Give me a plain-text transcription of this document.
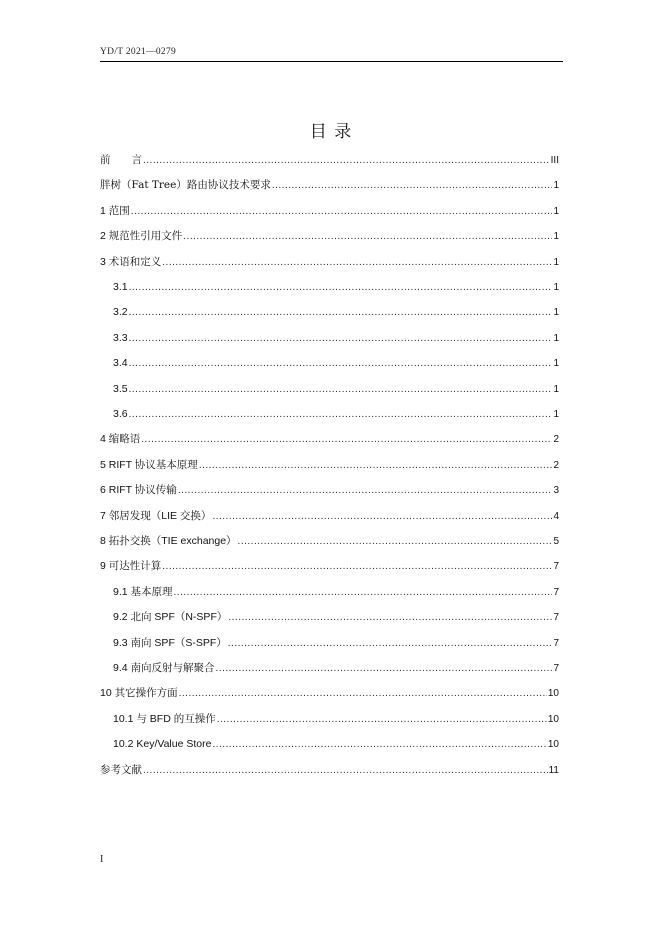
YD/T 2021—0279
目 录
前　　言 .....	III
胖树（Fat Tree）路由协议技术要求 .....	1
1 范围 .....	1
2 规范性引用文件 .....	1
3 术语和定义 .....	1
3.1 .....	1
3.2 .....	1
3.3 .....	1
3.4 .....	1
3.5 .....	1
3.6 .....	1
4 缩略语 .....	2
5 RIFT 协议基本原理 .....	2
6 RIFT 协议传输 .....	3
7 邻居发现（LIE 交换） .....	4
8 拓扑交换（TIE exchange） .....	5
9 可达性计算 .....	7
9.1 基本原理 .....	7
9.2 北向 SPF（N-SPF） .....	7
9.3 南向 SPF（S-SPF） .....	7
9.4 南向反射与解聚合 .....	7
10 其它操作方面 .....	10
10.1 与 BFD 的互操作 .....	10
10.2 Key/Value Store .....	10
参考文献 .....	11
I
